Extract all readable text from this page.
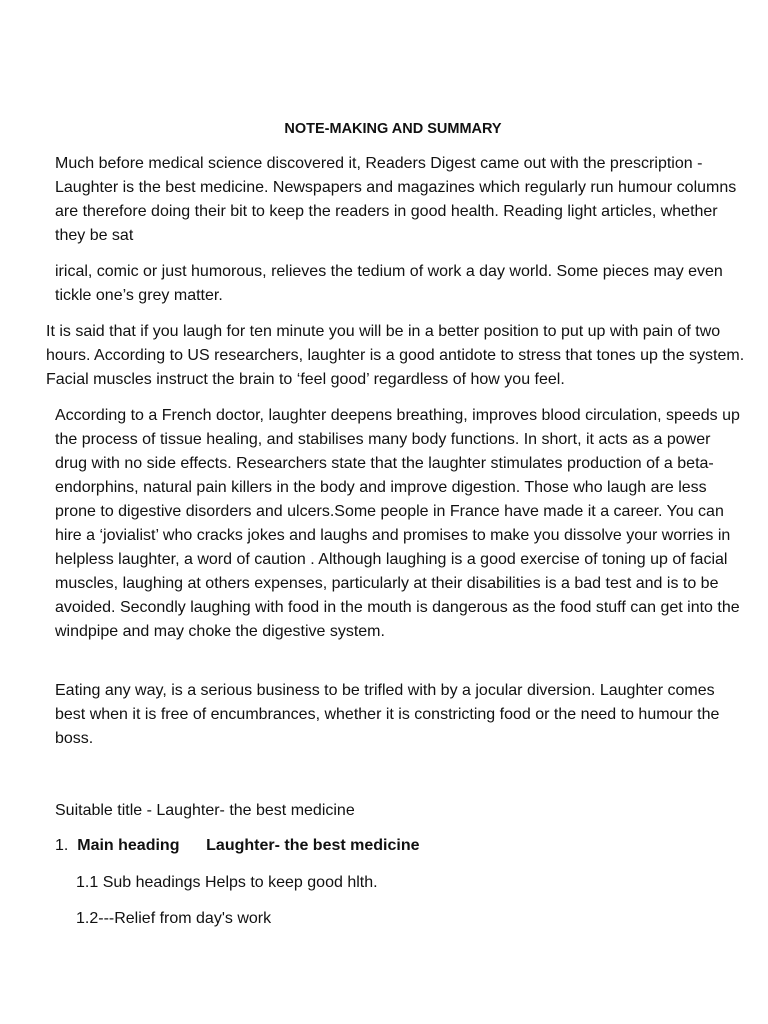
NOTE-MAKING AND SUMMARY

Much before medical science discovered it, Readers Digest came out with the prescription - Laughter is the best medicine. Newspapers and magazines which regularly run humour columns are therefore doing their bit to keep the readers in good health. Reading light articles, whether they be sat

irical, comic or just humorous, relieves the tedium of work a day world. Some pieces may even tickle one’s grey matter.

It is said that if you laugh for ten minute you will be in a better position to put up with pain of two hours. According to US researchers, laughter is a good antidote to stress that tones up the system. Facial muscles instruct the brain to ‘feel good’ regardless of how you feel.

According to a French doctor, laughter deepens breathing, improves blood circulation, speeds up the process of tissue healing, and stabilises many body functions. In short, it acts as a power drug with no side effects. Researchers state that the laughter stimulates production of a beta-endorphins, natural pain killers in the body and improve digestion. Those who laugh are less prone to digestive disorders and ulcers.Some people in France have made it a career. You can hire a ‘jovialist’ who cracks jokes and laughs and promises to make you dissolve your worries in helpless laughter, a word of caution . Although laughing is a good exercise of toning up of facial muscles, laughing at others expenses, particularly at their disabilities is a bad test and is to be avoided. Secondly laughing with food in the mouth is dangerous as the food stuff can get into the windpipe and may choke the digestive system.

Eating any way, is a serious business to be trifled with by a jocular diversion. Laughter comes best when it is free of encumbrances, whether it is constricting food or the need to humour the boss.

Suitable title - Laughter- the best medicine
1. Main heading Laughter- the best medicine
1.1 Sub headings Helps to keep good hlth.
1.2---Relief from day's work
